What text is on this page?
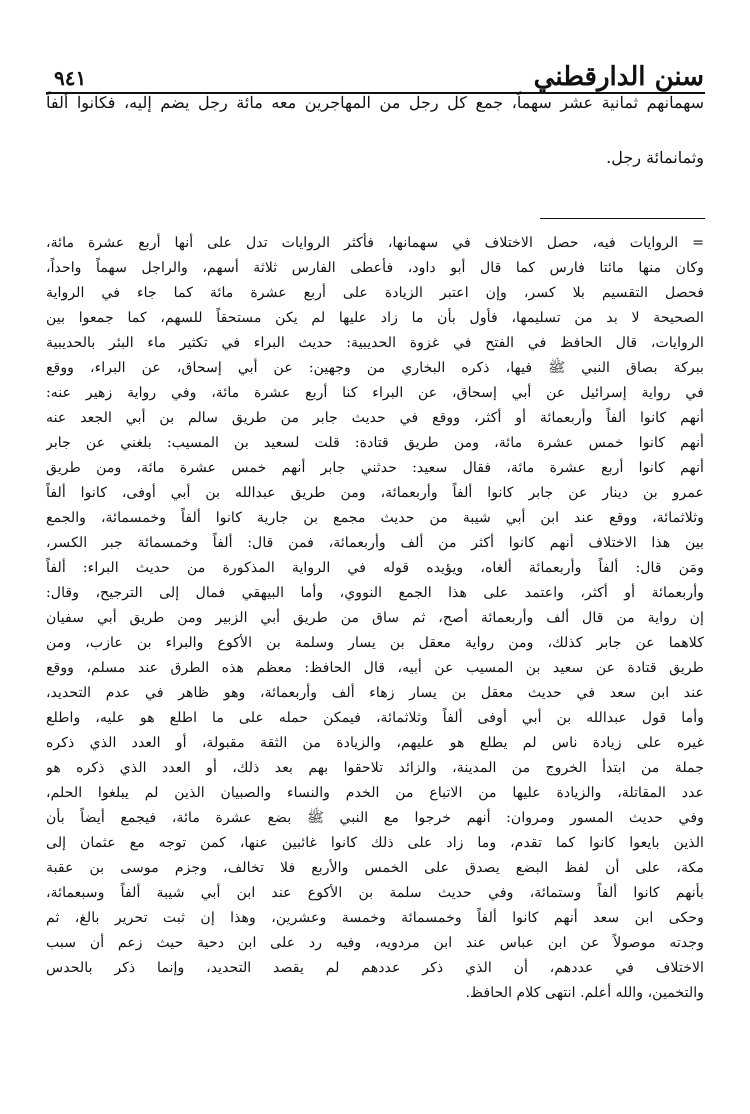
سنن الدارقطني
٩٤١
سهمانهم ثمانية عشر سهماً، جمع كل رجل من المهاجرين معه مائة رجل يضم إليه، فكانوا ألفاً
وثمانمائة رجل.
= الروايات فيه، حصل الاختلاف في سهمانها، فأكثر الروايات تدل على أنها أربع عشرة مائة،
وكان منها مائتا فارس كما قال أبو داود، فأعطى الفارس ثلاثة أسهم، والراجل سهماً واحداً،
فحصل التقسيم بلا كسر، وإن اعتبر الزيادة على أربع عشرة مائة كما جاء في الرواية
الصحيحة لا بد من تسليمها، فأول بأن ما زاد عليها لم يكن مستحقاً للسهم، كما جمعوا بين
الروايات، قال الحافظ في الفتح في غزوة الحديبية: حديث البراء في تكثير ماء البئر بالحديبية
ببركة بصاق النبي ﷺ فيها، ذكره البخاري من وجهين: عن أبي إسحاق، عن البراء، ووقع
في رواية إسرائيل عن أبي إسحاق، عن البراء كنا أربع عشرة مائة، وفي رواية زهير عنه:
أنهم كانوا ألفاً وأربعمائة أو أكثر، ووقع في حديث جابر من طريق سالم بن أبي الجعد عنه
أنهم كانوا خمس عشرة مائة، ومن طريق قتادة: قلت لسعيد بن المسيب: بلغني عن جابر
أنهم كانوا أربع عشرة مائة، فقال سعيد: حدثني جابر أنهم خمس عشرة مائة، ومن طريق
عمرو بن دينار عن جابر كانوا ألفاً وأربعمائة، ومن طريق عبدالله بن أبي أوفى، كانوا ألفاً
وثلاثمائة، ووقع عند ابن أبي شيبة من حديث مجمع بن جارية كانوا ألفاً وخمسمائة، والجمع
بين هذا الاختلاف أنهم كانوا أكثر من ألف وأربعمائة، فمن قال: ألفاً وخمسمائة جبر الكسر،
ومَن قال: ألفاً وأربعمائة ألغاه، ويؤيده قوله في الرواية المذكورة من حديث البراء: ألفاً
وأربعمائة أو أكثر، واعتمد على هذا الجمع النووي، وأما البيهقي فمال إلى الترجيح، وقال:
إن رواية من قال ألف وأربعمائة أصح، ثم ساق من طريق أبي الزبير ومن طريق أبي سفيان
كلاهما عن جابر كذلك، ومن رواية معقل بن يسار وسلمة بن الأكوع والبراء بن عازب، ومن
طريق قتادة عن سعيد بن المسيب عن أبيه، قال الحافظ: معظم هذه الطرق عند مسلم، ووقع
عند ابن سعد في حديث معقل بن يسار زهاء ألف وأربعمائة، وهو ظاهر في عدم التحديد،
وأما قول عبدالله بن أبي أوفى ألفاً وثلاثمائة، فيمكن حمله على ما اطلع هو عليه، واطلع
غيره على زيادة ناس لم يطلع هو عليهم، والزيادة من الثقة مقبولة، أو العدد الذي ذكره
جملة من ابتدأ الخروج من المدينة، والزائد تلاحقوا بهم بعد ذلك، أو العدد الذي ذكره هو
عدد المقاتلة، والزيادة عليها من الاتباع من الخدم والنساء والصبيان الذين لم يبلغوا الحلم،
وفي حديث المسور ومروان: أنهم خرجوا مع النبي ﷺ بضع عشرة مائة، فيجمع أيضاً بأن
الذين بايعوا كانوا كما تقدم، وما زاد على ذلك كانوا غائبين عنها، كمن توجه مع عثمان إلى
مكة، على أن لفظ البضع يصدق على الخمس والأربع فلا تخالف، وجزم موسى بن عقبة
بأنهم كانوا ألفاً وستمائة، وفي حديث سلمة بن الأكوع عند ابن أبي شيبة ألفاً وسبعمائة،
وحكى ابن سعد أنهم كانوا ألفاً وخمسمائة وخمسة وعشرين، وهذا إن ثبت تحرير بالغ، ثم
وجدته موصولاً عن ابن عباس عند ابن مردويه، وفيه رد على ابن دحية حيث زعم أن سبب
الاختلاف في عددهم، أن الذي ذكر عددهم لم يقصد التحديد، وإنما ذكر بالحدس
والتخمين، والله أعلم. انتهى كلام الحافظ.
